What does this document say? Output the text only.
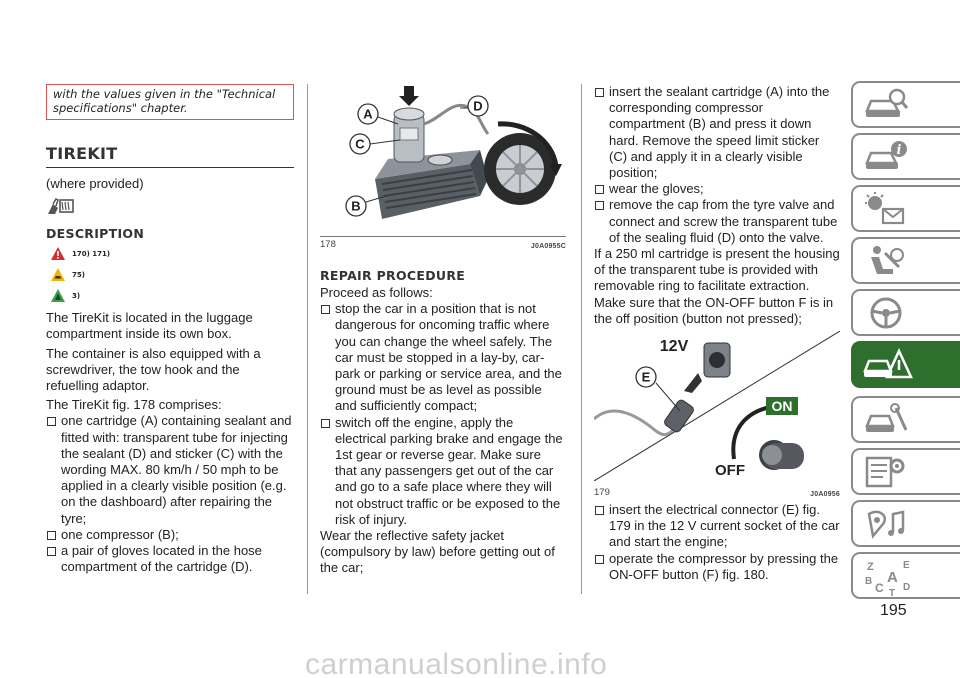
with the values given in the "Technical specifications" chapter.

TIREKIT
(where provided)
DESCRIPTION
170) 171)
75)
3)

The TireKit is located in the luggage compartment inside its own box.

The container is also equipped with a screwdriver, the tow hook and the refuelling adaptor.

The TireKit fig. 178 comprises:

one cartridge (A) containing sealant and fitted with: transparent tube for injecting the sealant (D) and sticker (C) with the wording MAX. 80 km/h / 50 mph to be applied in a clearly visible position (e.g. on the dashboard) after repairing the tyre;
one compressor (B);
a pair of gloves located in the hose compartment of the cartridge (D).
A
C
B
D
178	J0A0955C
REPAIR PROCEDURE

Proceed as follows:

stop the car in a position that is not dangerous for oncoming traffic where you can change the wheel safely. The car must be stopped in a lay-by, car-park or parking or service area, and the ground must be as level as possible and sufficiently compact;
switch off the engine, apply the electrical parking brake and engage the 1st gear or reverse gear. Make sure that any passengers get out of the car and go to a safe place where they will not obstruct traffic or be exposed to the risk of injury.

Wear the reflective safety jacket (compulsory by law) before getting out of the car;

insert the sealant cartridge (A) into the corresponding compressor compartment (B) and press it down hard. Remove the speed limit sticker (C) and apply it in a clearly visible position;
wear the gloves;
remove the cap from the tyre valve and connect and screw the transparent tube of the sealing fluid (D) onto the valve.

If a 250 ml cartridge is present the housing of the transparent tube is provided with removable ring to facilitate extraction. Make sure that the ON-OFF button F is in the off position (button not pressed);

E
12V
ON
OFF
179	J0A0956
insert the electrical connector (E) fig. 179 in the 12 V current socket of the car and start the engine;
operate the compressor by pressing the ON-OFF button (F) fig. 180.
i
Z	E
B A
C D
T
195
carmanualsonline.info
